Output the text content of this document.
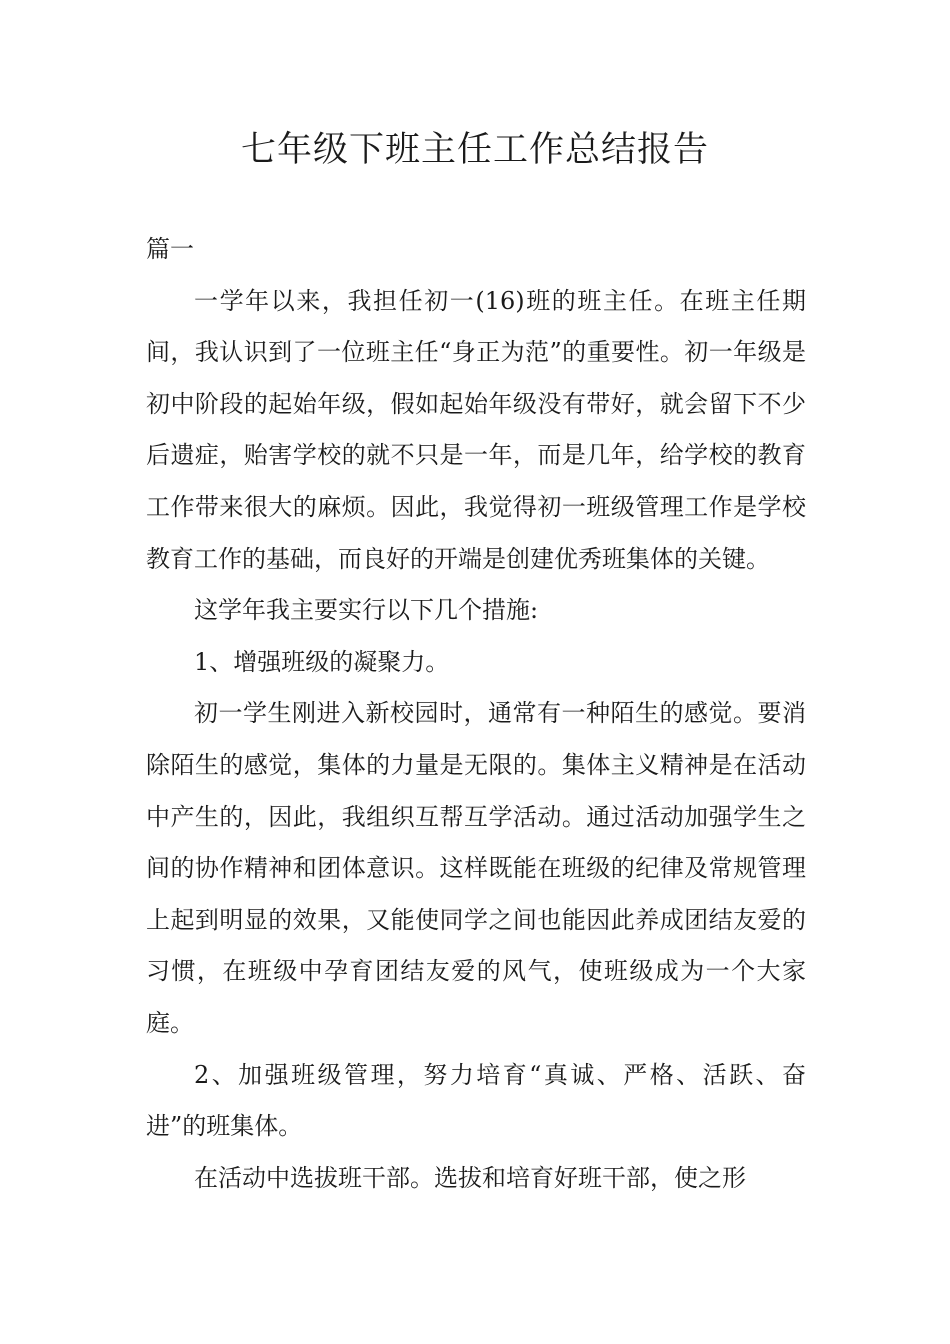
七年级下班主任工作总结报告

篇一

一学年以来，我担任初一(16)班的班主任。在班主任期间，我认识到了一位班主任“身正为范”的重要性。初一年级是初中阶段的起始年级，假如起始年级没有带好，就会留下不少后遗症，贻害学校的就不只是一年，而是几年，给学校的教育工作带来很大的麻烦。因此，我觉得初一班级管理工作是学校教育工作的基础，而良好的开端是创建优秀班集体的关键。

这学年我主要实行以下几个措施:

1、增强班级的凝聚力。

初一学生刚进入新校园时，通常有一种陌生的感觉。要消除陌生的感觉，集体的力量是无限的。集体主义精神是在活动中产生的，因此，我组织互帮互学活动。通过活动加强学生之间的协作精神和团体意识。这样既能在班级的纪律及常规管理上起到明显的效果，又能使同学之间也能因此养成团结友爱的习惯，在班级中孕育团结友爱的风气，使班级成为一个大家庭。

2、加强班级管理，努力培育“真诚、严格、活跃、奋进”的班集体。

在活动中选拔班干部。选拔和培育好班干部，使之形
